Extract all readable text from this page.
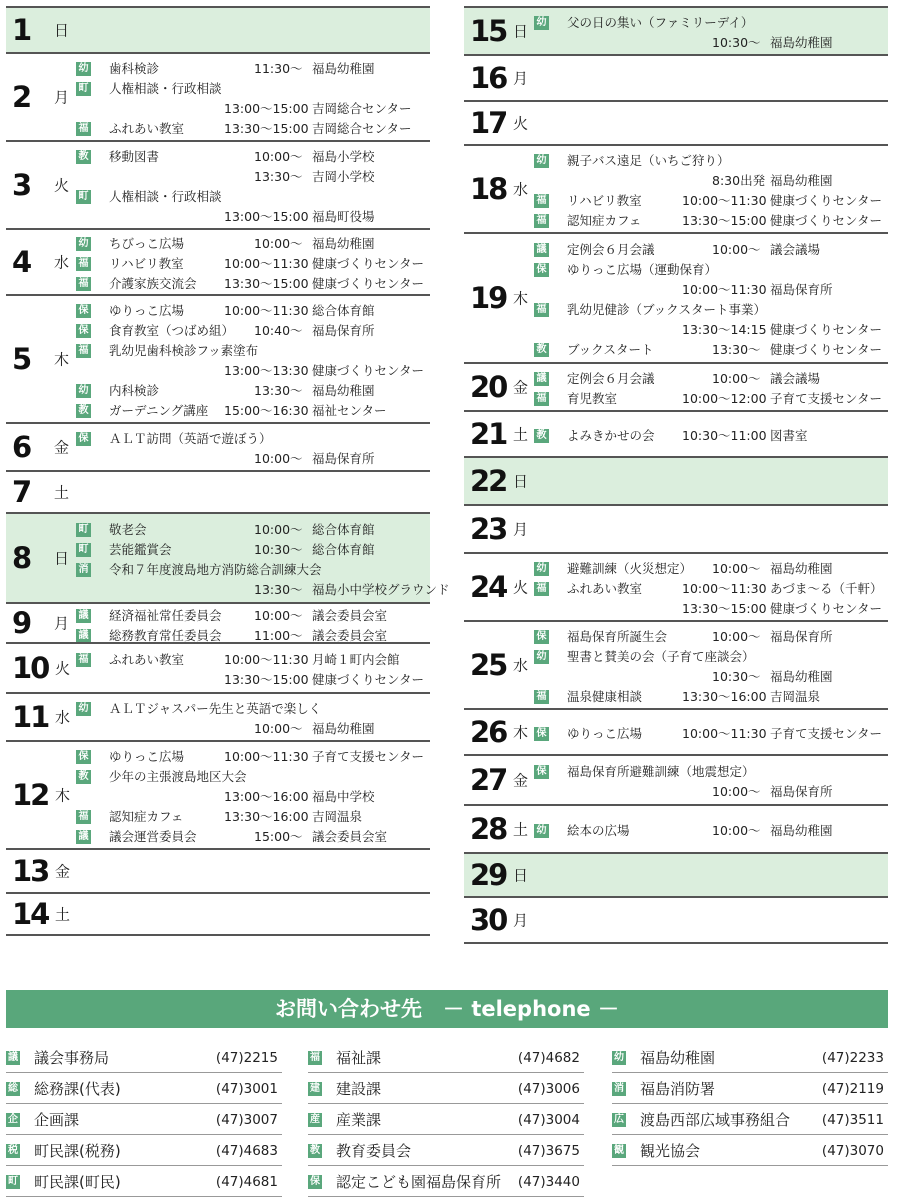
1 日
2 月
幼 歯科検診	11:30～ 福島幼稚園
町 人権相談・行政相談
13:00～15:00 吉岡総合センター
福 ふれあい教室	13:30～15:00 吉岡総合センター
3 火
教 移動図書	10:00～ 福島小学校
13:30～ 吉岡小学校
町 人権相談・行政相談
13:00～15:00 福島町役場
4 水
幼 ちびっこ広場	10:00～ 福島幼稚園
福 リハビリ教室	10:00～11:30 健康づくりセンター
福 介護家族交流会 13:30～15:00 健康づくりセンター
5 木
保 ゆりっこ広場	10:00～11:30 総合体育館
保 食育教室（つばめ組） 10:40～ 福島保育所
福 乳幼児歯科検診フッ素塗布
13:00～13:30 健康づくりセンター
幼 内科検診	13:30～ 福島幼稚園
教 ガーデニング講座 15:00～16:30 福祉センター
6 金 保 ＡＬＴ訪問（英語で遊ぼう）
10:00～ 福島保育所
7 土
8 日
町 敬老会	10:00～ 総合体育館
町 芸能鑑賞会	10:30～ 総合体育館
消 令和７年度渡島地方消防総合訓練大会
13:30～ 福島小中学校グラウンド
9 月 議 経済福祉常任委員会	10:00～ 議会委員会室
議 総務教育常任委員会	11:00～ 議会委員会室
10 火 福 ふれあい教室	10:00～11:30 月崎１町内会館
13:30～15:00 健康づくりセンター
11 水 幼 ＡＬＴジャスパー先生と英語で楽しく
10:00～ 福島幼稚園
12 木
保 ゆりっこ広場	10:00～11:30 子育て支援センター
教 少年の主張渡島地区大会
13:00～16:00 福島中学校
福 認知症カフェ	13:30～16:00 吉岡温泉
議 議会運営委員会	15:00～ 議会委員会室
13 金
14 土
15 日 幼 父の日の集い（ファミリーデイ）
10:30～ 福島幼稚園
16 月
17 火
18 水
幼 親子バス遠足（いちご狩り）
8:30出発 福島幼稚園
福 リハビリ教室	10:00～11:30 健康づくりセンター
福 認知症カフェ	13:30～15:00 健康づくりセンター
19 木
議 定例会６月会議	10:00～ 議会議場
保 ゆりっこ広場（運動保育）
10:00～11:30 福島保育所
福 乳幼児健診（ブックスタート事業）
13:30～14:15 健康づくりセンター
教 ブックスタート	13:30～ 健康づくりセンター
20 金 議 定例会６月会議	10:00～ 議会議場
福 育児教室	10:00～12:00 子育て支援センター
21 土 教 よみきかせの会 10:30～11:00 図書室
22 日
23 月
24 火
幼 避難訓練（火災想定） 10:00～ 福島幼稚園
福 ふれあい教室	10:00～11:30 あづま～る（千軒）
13:30～15:00 健康づくりセンター
25 水
保 福島保育所誕生会	10:00～ 福島保育所
幼 聖書と賛美の会（子育て座談会）
10:30～ 福島幼稚園
福 温泉健康相談	13:30～16:00 吉岡温泉
26 木 保 ゆりっこ広場	10:00～11:30 子育て支援センター
27 金 保 福島保育所避難訓練（地震想定）
10:00～ 福島保育所
28 土 幼 絵本の広場	10:00～ 福島幼稚園
29 日
30 月
お問い合わせ先　－ telephone －
議 議会事務局	(47)2215
総 総務課(代表)	(47)3001
企 企画課	(47)3007
税 町民課(税務)	(47)4683
町 町民課(町民)	(47)4681
福 福祉課	(47)4682
建 建設課	(47)3006
産 産業課	(47)3004
教 教育委員会	(47)3675
保 認定こども園福島保育所 (47)3440
幼 福島幼稚園	(47)2233
消 福島消防署	(47)2119
広 渡島西部広域事務組合 (47)3511
観 観光協会	(47)3070
